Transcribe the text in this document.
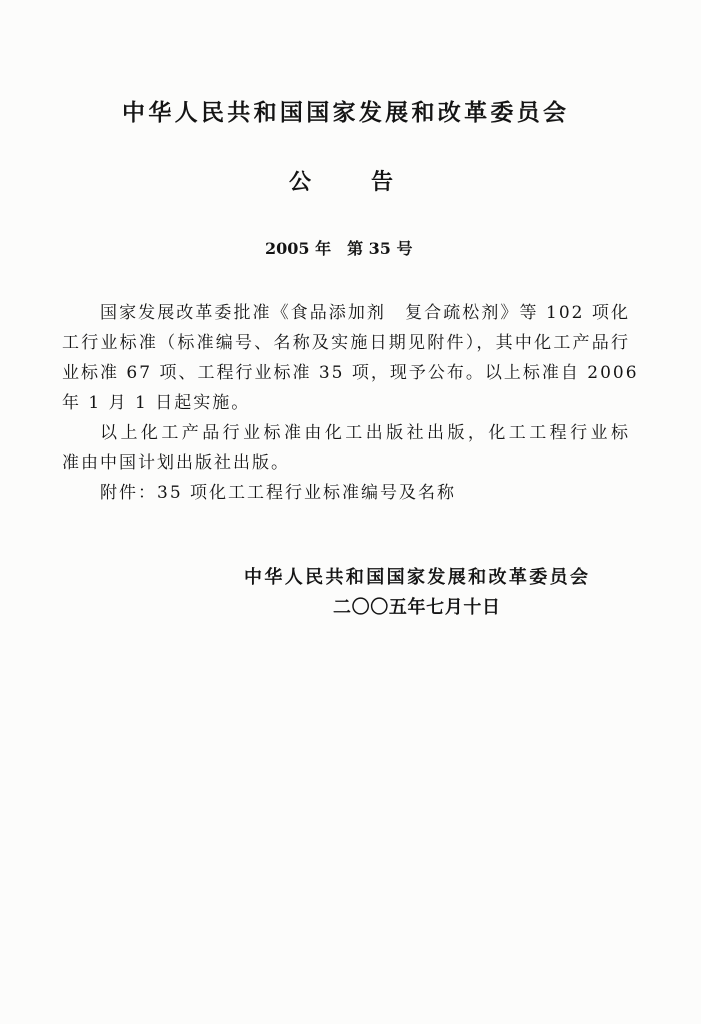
中华人民共和国国家发展和改革委员会
公　　告
2005 年　第 35 号
国家发展改革委批准《食品添加剂　复合疏松剂》等 102 项化
工行业标准（标准编号、名称及实施日期见附件），其中化工产品行
业标准 67 项、工程行业标准 35 项，现予公布。以上标准自 2006
年 1 月 1 日起实施。
以上化工产品行业标准由化工出版社出版，化工工程行业标
准由中国计划出版社出版。
附件：35 项化工工程行业标准编号及名称
中华人民共和国国家发展和改革委员会
二〇〇五年七月十日
